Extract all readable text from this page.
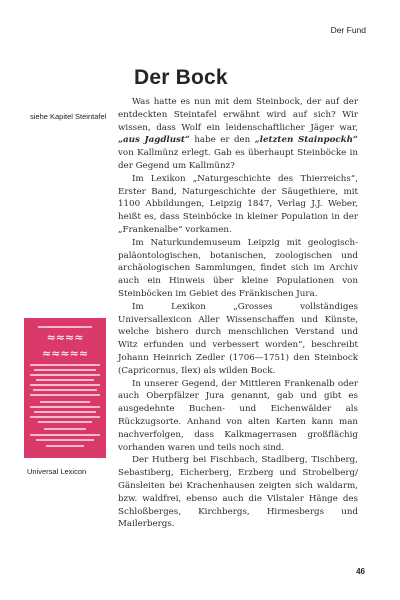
Der Fund
Der Bock
siehe Kapitel Steintafel
≈≈≈≈
≈≈≈≈≈
Universal Lexicon

Was hatte es nun mit dem Steinbock, der auf der entdeckten Steintafel erwähnt wird auf sich? Wir wissen, dass Wolf ein leidenschaftlicher Jäger war, „aus Jagdlust“ habe er den „letzten Stainpockh“ von Kallmünz erlegt. Gab es überhaupt Steinböcke in der Gegend um Kallmünz?

Im Lexikon „Naturgeschichte des Thierreichs“, Erster Band, Naturgeschichte der Säugethiere, mit 1100 Abbildungen, Leipzig 1847, Verlag J.J. Weber, heißt es, dass Steinböcke in kleiner Population in der „Frankenalbe“ vorkamen.

Im Naturkundemuseum Leipzig mit geologisch-paläontologischen, botanischen, zoologischen und archäologischen Sammlungen, findet sich im Archiv auch ein Hinweis über kleine Populationen von Steinböcken im Gebiet des Fränkischen Jura.

Im Lexikon „Grosses vollständiges Universallexicon Aller Wissenschaffen und Künste, welche bishero durch menschlichen Verstand und Witz erfunden und verbessert worden“, beschreibt Johann Heinrich Zedler (1706—1751) den Steinbock (Capricornus, Ilex) als wilden Bock.

In unserer Gegend, der Mittleren Frankenalb oder auch Oberpfälzer Jura genannt, gab und gibt es ausgedehnte Buchen- und Eichenwälder als Rückzugsorte. Anhand von alten Karten kann man nachverfolgen, dass Kalkmagerrasen großflächig vorhanden waren und teils noch sind.

Der Hutberg bei Fischbach, Stadlberg, Tischberg, Sebastiberg, Eicherberg, Erzberg und Strobelberg/ Gänsleiten bei Krachenhausen zeigten sich waldarm, bzw. waldfrei, ebenso auch die Vilstaler Hänge des Schloßberges, Kirchbergs, Hirmesbergs und Mailerbergs.

46
